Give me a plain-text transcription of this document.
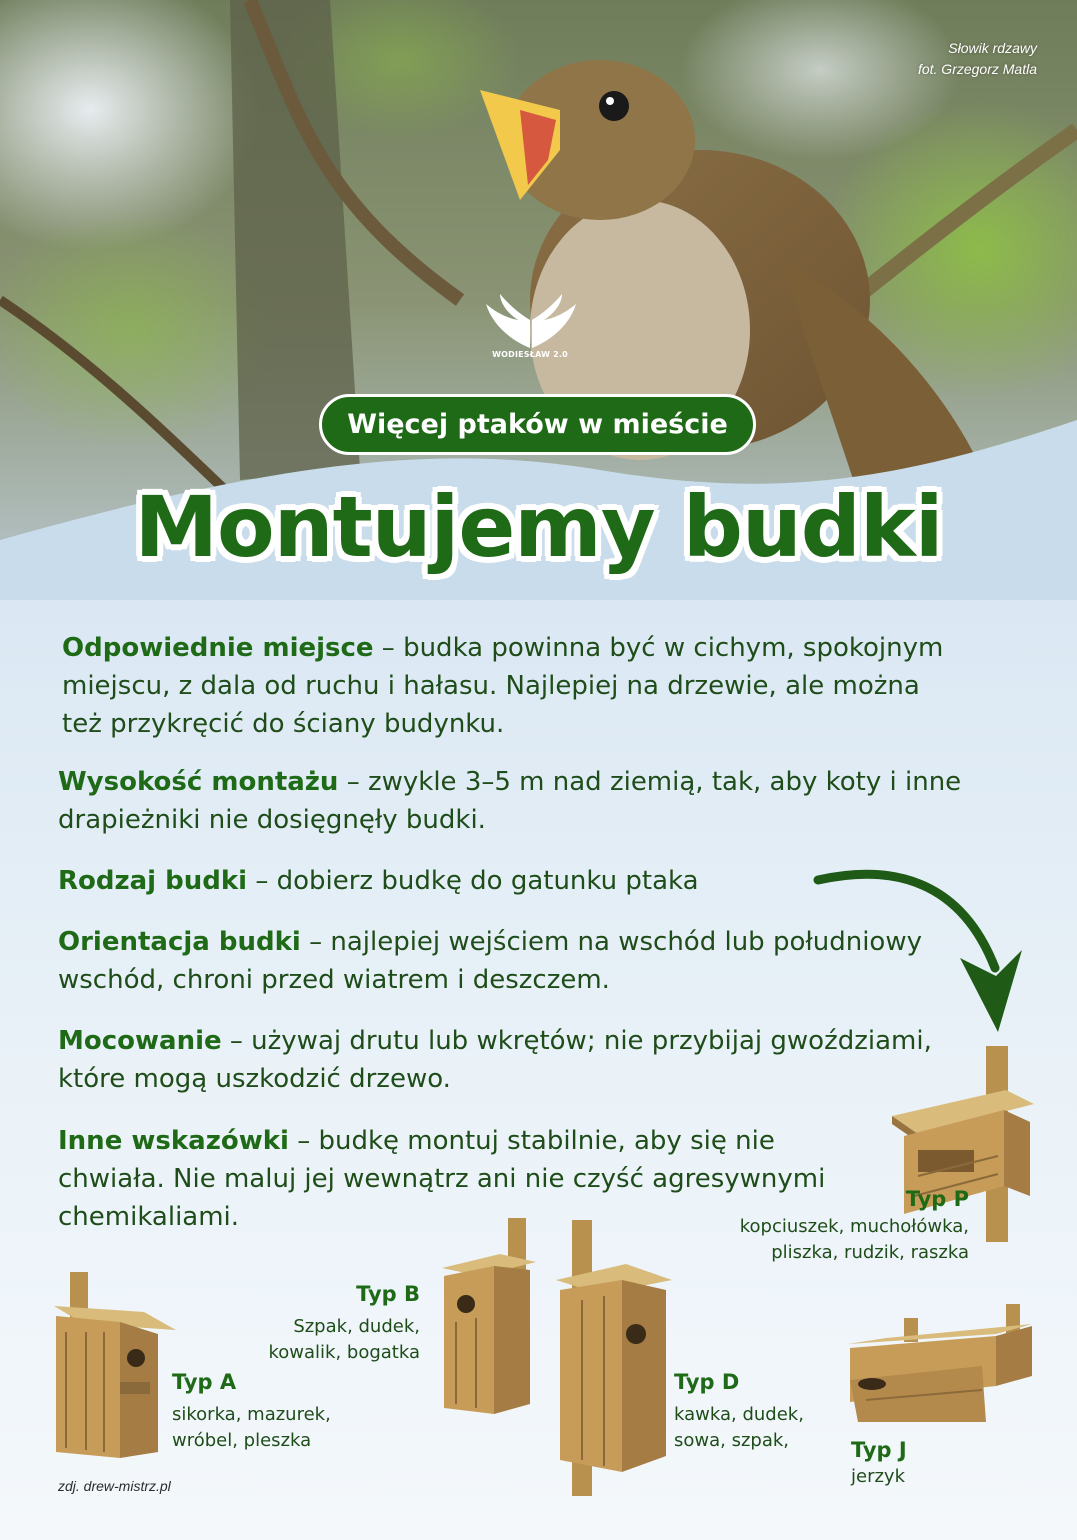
Słowik rdzawy
fot. Grzegorz Matla
WODIESŁAW 2.0
Więcej ptaków w mieście
Montujemy budki
Odpowiednie miejsce – budka powinna być w cichym, spokojnym miejscu, z dala od ruchu i hałasu. Najlepiej na drzewie, ale można też przykręcić do ściany budynku.
Wysokość montażu – zwykle 3–5 m nad ziemią, tak, aby koty i inne drapieżniki nie dosięgnęły budki.
Rodzaj budki – dobierz budkę do gatunku ptaka
Orientacja budki – najlepiej wejściem na wschód lub południowy wschód, chroni przed wiatrem i deszczem.
Mocowanie – używaj drutu lub wkrętów; nie przybijaj gwoździami, które mogą uszkodzić drzewo.
Inne wskazówki – budkę montuj stabilnie, aby się nie chwiała. Nie maluj jej wewnątrz ani nie czyść agresywnymi chemikaliami.
Typ P
kopciuszek, muchołówka,
pliszka, rudzik, raszka
Typ A
sikorka, mazurek,
wróbel, pleszka
Typ B
Szpak, dudek,
kowalik, bogatka
Typ D
kawka, dudek,
sowa, szpak,	Typ J
jerzyk
zdj. drew-mistrz.pl
